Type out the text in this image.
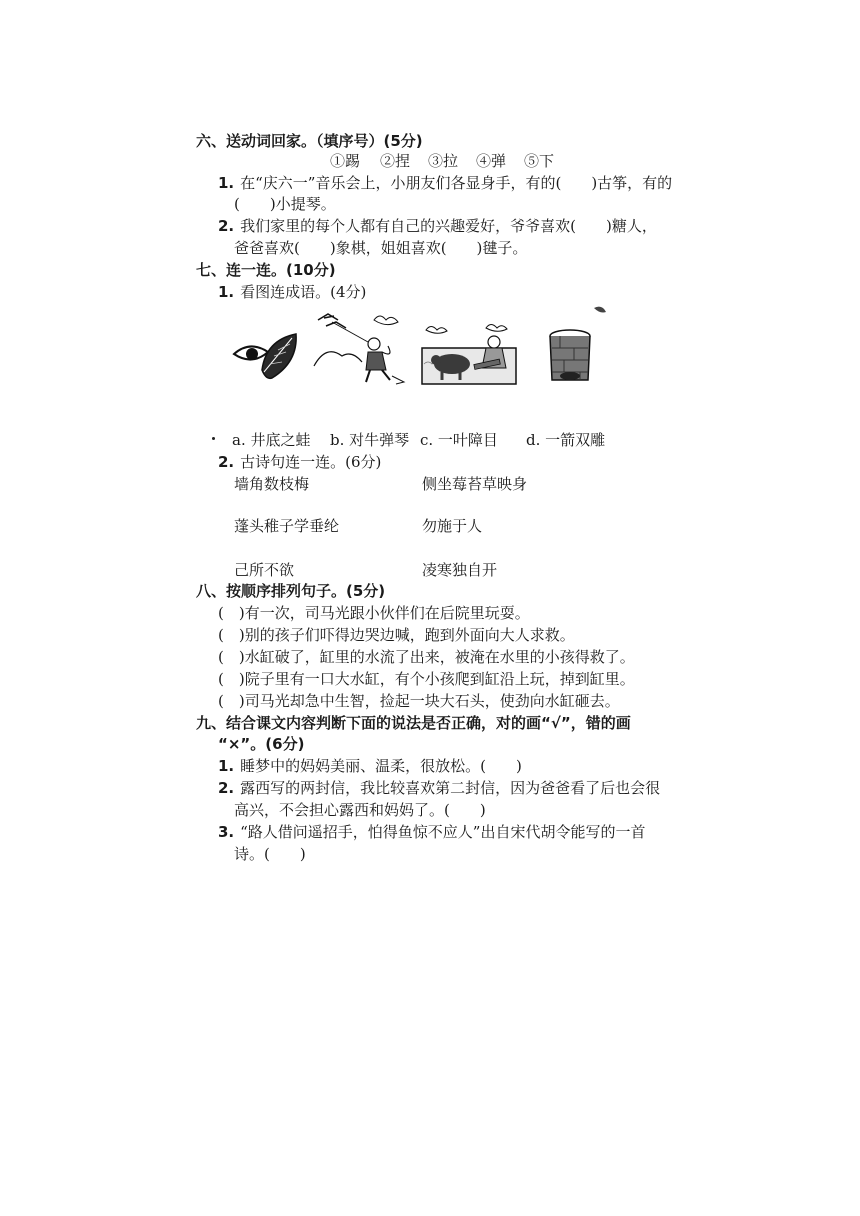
六、送动词回家。（填序号）(5分)
①踢 ②捏 ③拉 ④弹 ⑤下
1. 在“庆六一”音乐会上，小朋友们各显身手，有的(　　)古筝，有的
(　　)小提琴。
2. 我们家里的每个人都有自己的兴趣爱好，爷爷喜欢(　　)糖人，
爸爸喜欢(　　)象棋，姐姐喜欢(　　)毽子。
七、连一连。(10分)
1. 看图连成语。(4分)
a. 井底之蛙 b. 对牛弹琴 c. 一叶障目 d. 一箭双雕
2. 古诗句连一连。(6分)
墙角数枝梅	侧坐莓苔草映身
蓬头稚子学垂纶	勿施于人
己所不欲	凌寒独自开
八、按顺序排列句子。(5分)
(　)有一次，司马光跟小伙伴们在后院里玩耍。
(　)别的孩子们吓得边哭边喊，跑到外面向大人求救。
(　)水缸破了，缸里的水流了出来，被淹在水里的小孩得救了。
(　)院子里有一口大水缸，有个小孩爬到缸沿上玩，掉到缸里。
(　)司马光却急中生智，捡起一块大石头，使劲向水缸砸去。
九、结合课文内容判断下面的说法是否正确，对的画“√”，错的画
“×”。(6分)
1. 睡梦中的妈妈美丽、温柔，很放松。(　　)
2. 露西写的两封信，我比较喜欢第二封信，因为爸爸看了后也会很
高兴，不会担心露西和妈妈了。(　　)
3. “路人借问遥招手，怕得鱼惊不应人”出自宋代胡令能写的一首
诗。(　　)
